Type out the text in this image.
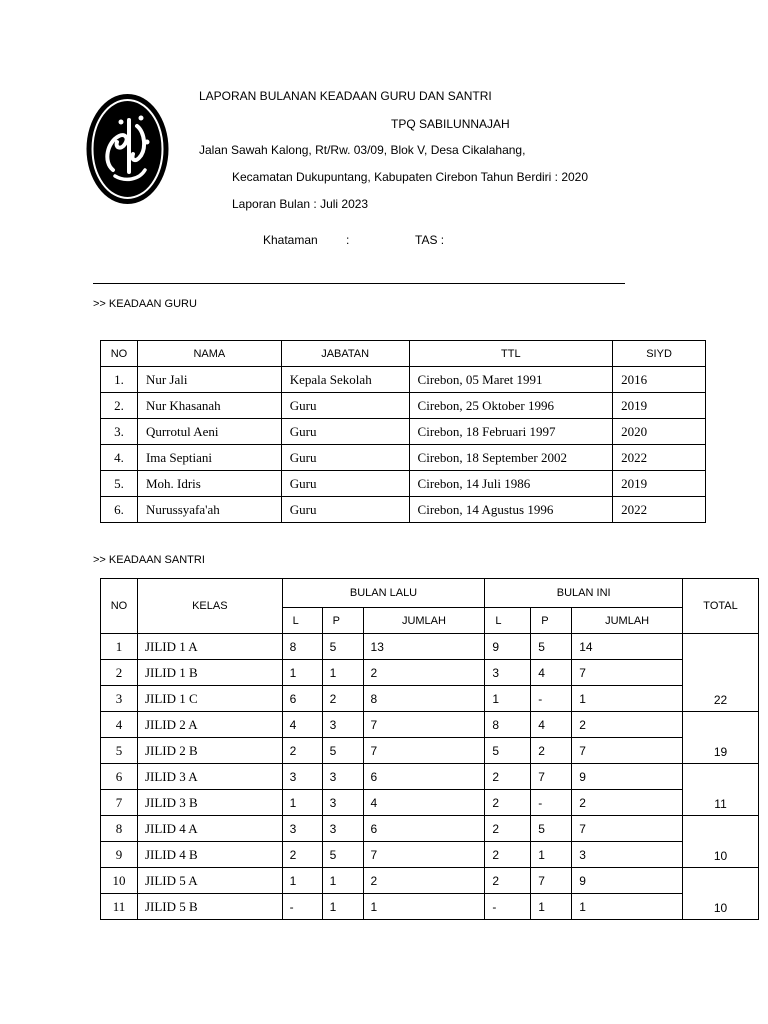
LAPORAN BULANAN KEADAAN GURU DAN SANTRI
TPQ SABILUNNAJAH
Jalan Sawah Kalong, Rt/Rw. 03/09, Blok V, Desa Cikalahang,
Kecamatan Dukupuntang, Kabupaten Cirebon Tahun Berdiri : 2020
Laporan Bulan : Juli 2023
Khataman :	TAS :
>> KEADAAN GURU
NO	NAMA	JABATAN	TTL	SIYD
1.	Nur Jali	Kepala Sekolah	Cirebon, 05 Maret 1991	2016
2.	Nur Khasanah	Guru	Cirebon, 25 Oktober 1996	2019
3.	Qurrotul Aeni	Guru	Cirebon, 18 Februari 1997	2020
4.	Ima Septiani	Guru	Cirebon, 18 September 2002	2022
5.	Moh. Idris	Guru	Cirebon, 14 Juli 1986	2019
6.	Nurussyafa'ah	Guru	Cirebon, 14 Agustus 1996	2022
>> KEADAAN SANTRI
NO	KELAS	BULAN LALU			BULAN INI			TOTAL
		L	P	JUMLAH	L	P	JUMLAH	
1	JILID 1 A	8	5	13	9	5	14	22
2	JILID 1 B	1	1	2	3	4	7	
3	JILID 1 C	6	2	8	1	-	1	
4	JILID 2 A	4	3	7	8	4	2	19
5	JILID 2 B	2	5	7	5	2	7	
6	JILID 3 A	3	3	6	2	7	9	11
7	JILID 3 B	1	3	4	2	-	2	
8	JILID 4 A	3	3	6	2	5	7	10
9	JILID 4 B	2	5	7	2	1	3	
10	JILID 5 A	1	1	2	2	7	9	10
11	JILID 5 B	-	1	1	-	1	1	
